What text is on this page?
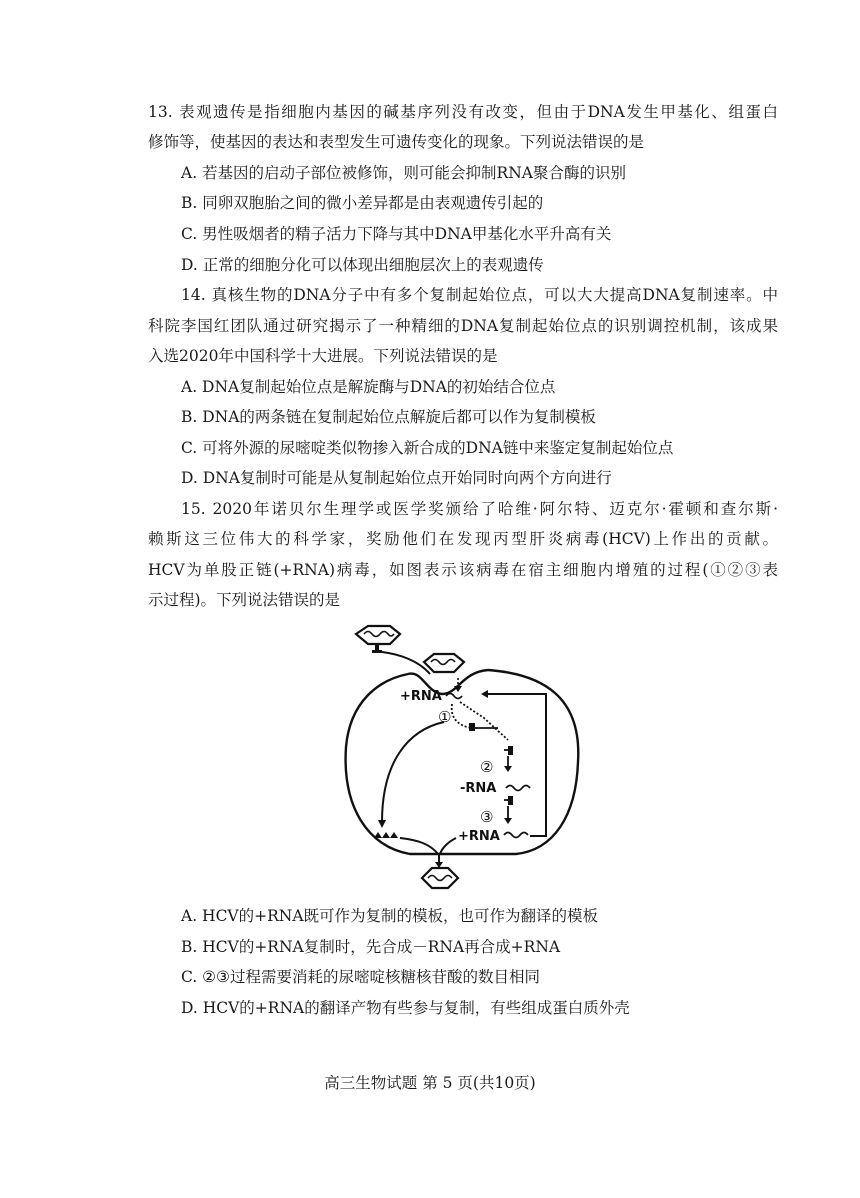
13. 表观遗传是指细胞内基因的碱基序列没有改变，但由于DNA发生甲基化、组蛋白
修饰等，使基因的表达和表型发生可遗传变化的现象。下列说法错误的是
A. 若基因的启动子部位被修饰，则可能会抑制RNA聚合酶的识别
B. 同卵双胞胎之间的微小差异都是由表观遗传引起的
C. 男性吸烟者的精子活力下降与其中DNA甲基化水平升高有关
D. 正常的细胞分化可以体现出细胞层次上的表观遗传
14. 真核生物的DNA分子中有多个复制起始位点，可以大大提高DNA复制速率。中
科院李国红团队通过研究揭示了一种精细的DNA复制起始位点的识别调控机制，该成果
入选2020年中国科学十大进展。下列说法错误的是
A. DNA复制起始位点是解旋酶与DNA的初始结合位点
B. DNA的两条链在复制起始位点解旋后都可以作为复制模板
C. 可将外源的尿嘧啶类似物掺入新合成的DNA链中来鉴定复制起始位点
D. DNA复制时可能是从复制起始位点开始同时向两个方向进行
15. 2020年诺贝尔生理学或医学奖颁给了哈维·阿尔特、迈克尔·霍顿和查尔斯·
赖斯这三位伟大的科学家，奖励他们在发现丙型肝炎病毒(HCV)上作出的贡献。
HCV为单股正链(+RNA)病毒，如图表示该病毒在宿主细胞内增殖的过程(①②③表
示过程)。下列说法错误的是
+RNA
①
②
-RNA
③
+RNA
A. HCV的+RNA既可作为复制的模板，也可作为翻译的模板
B. HCV的+RNA复制时，先合成－RNA再合成+RNA
C. ②③过程需要消耗的尿嘧啶核糖核苷酸的数目相同
D. HCV的+RNA的翻译产物有些参与复制，有些组成蛋白质外壳
高三生物试题 第 5 页(共10页)
